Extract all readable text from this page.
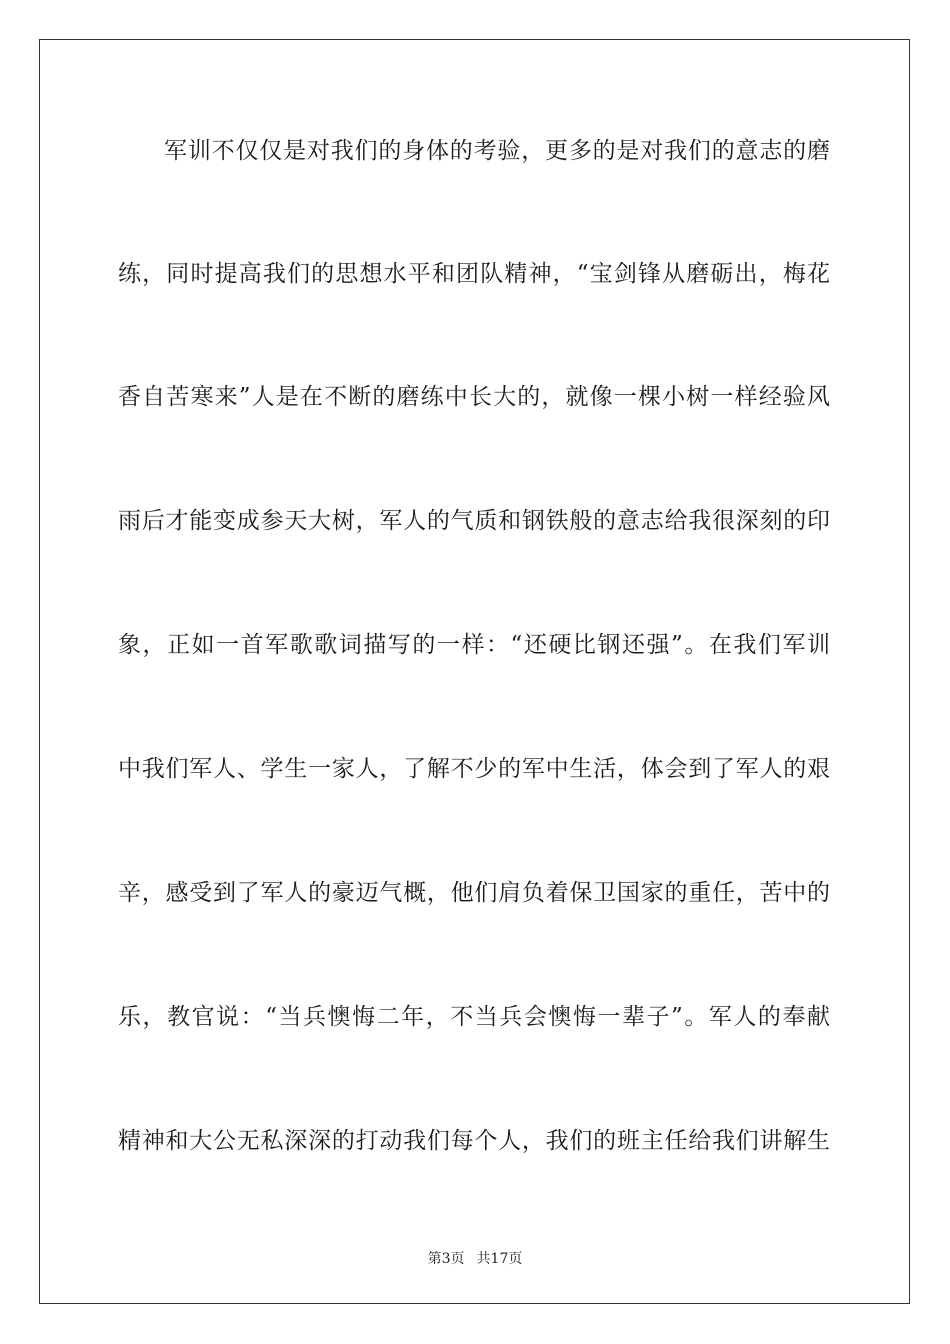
军训不仅仅是对我们的身体的考验，更多的是对我们的意志的磨
练，同时提高我们的思想水平和团队精神，“宝剑锋从磨砺出，梅花
香自苦寒来”人是在不断的磨练中长大的，就像一棵小树一样经验风
雨后才能变成参天大树，军人的气质和钢铁般的意志给我很深刻的印
象，正如一首军歌歌词描写的一样：“还硬比钢还强”。在我们军训
中我们军人、学生一家人，了解不少的军中生活，体会到了军人的艰
辛，感受到了军人的豪迈气概，他们肩负着保卫国家的重任，苦中的
乐，教官说：“当兵懊悔二年，不当兵会懊悔一辈子”。军人的奉献
精神和大公无私深深的打动我们每个人，我们的班主任给我们讲解生
第3页 共17页
